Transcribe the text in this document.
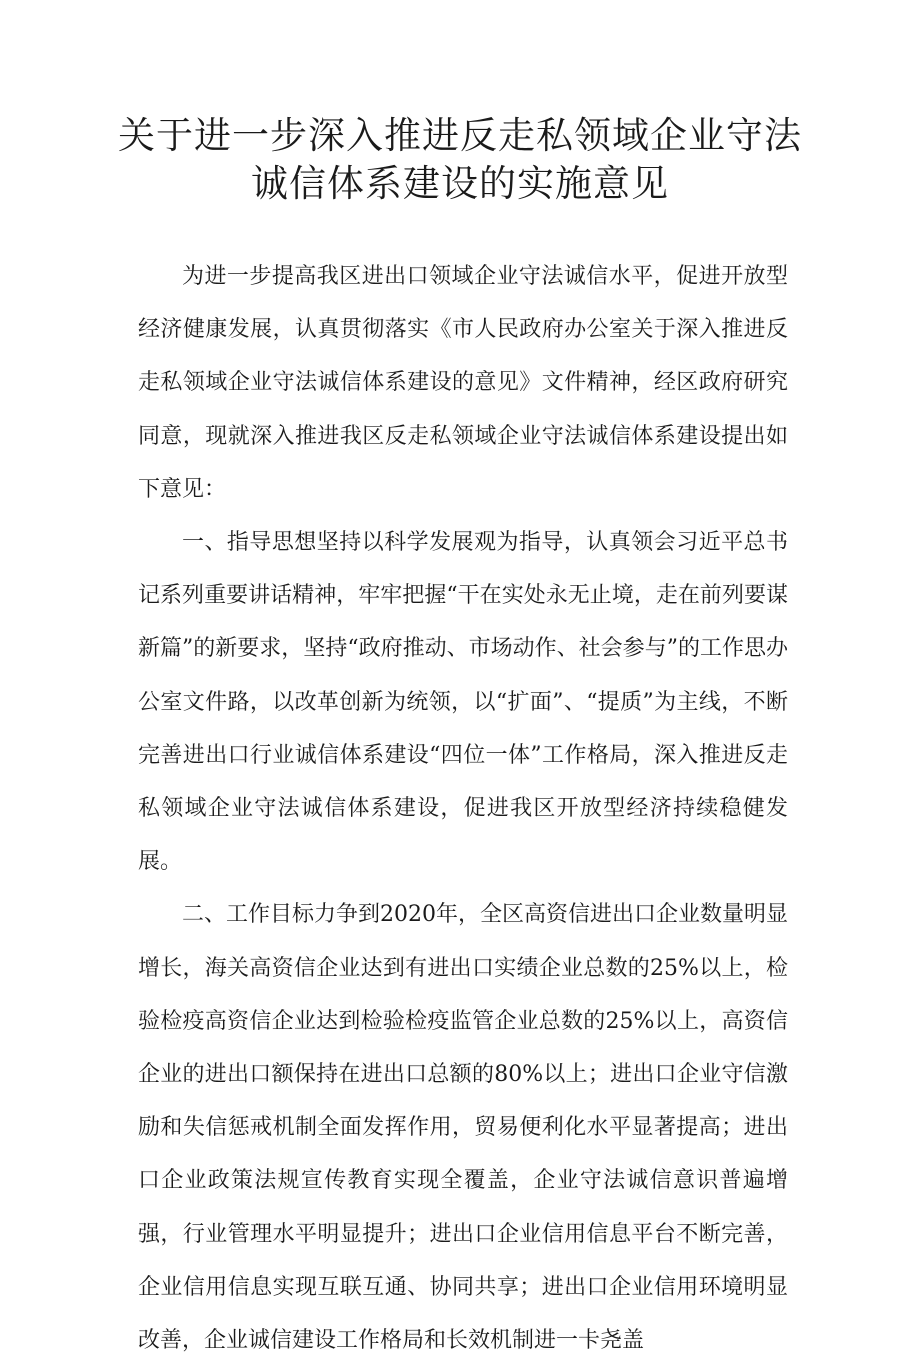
关于进一步深入推进反走私领域企业守法
诚信体系建设的实施意见

为进一步提高我区进出口领域企业守法诚信水平，促进开放型经济健康发展，认真贯彻落实《市人民政府办公室关于深入推进反走私领域企业守法诚信体系建设的意见》文件精神，经区政府研究同意，现就深入推进我区反走私领域企业守法诚信体系建设提出如下意见：

一、指导思想坚持以科学发展观为指导，认真领会习近平总书记系列重要讲话精神，牢牢把握“干在实处永无止境，走在前列要谋新篇”的新要求，坚持“政府推动、市场动作、社会参与”的工作思办公室文件路，以改革创新为统领，以“扩面”、“提质”为主线，不断完善进出口行业诚信体系建设“四位一体”工作格局，深入推进反走私领域企业守法诚信体系建设，促进我区开放型经济持续稳健发展。

二、工作目标力争到2020年，全区高资信进出口企业数量明显增长，海关高资信企业达到有进出口实绩企业总数的25%以上，检验检疫高资信企业达到检验检疫监管企业总数的25%以上，高资信企业的进出口额保持在进出口总额的80%以上；进出口企业守信激励和失信惩戒机制全面发挥作用，贸易便利化水平显著提高；进出口企业政策法规宣传教育实现全覆盖，企业守法诚信意识普遍增强，行业管理水平明显提升；进出口企业信用信息平台不断完善，企业信用信息实现互联互通、协同共享；进出口企业信用环境明显改善，企业诚信建设工作格局和长效机制进一卡尧盖
